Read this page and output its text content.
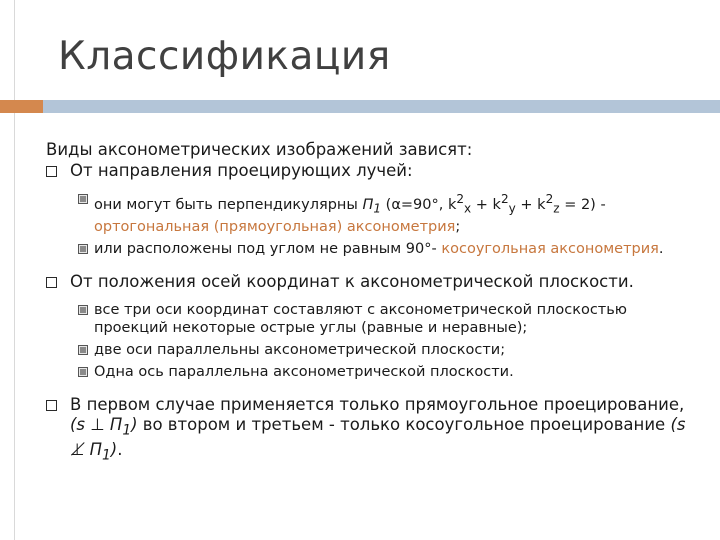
Классификация
Виды аксонометрических изображений зависят:
От направления проецирующих лучей:
они могут быть перпендикулярны $П_1$ (α=90°, $k^2_x + k^2_y + k^2_z = 2$) - ортогональная (прямоугольная) аксонометрия;
или расположены под углом не равным 90°- косоугольная аксонометрия.
От положения осей координат к аксонометрической плоскости.
все три оси координат составляют с аксонометрической плоскостью проекций некоторые острые углы (равные и неравные);
две оси параллельны аксонометрической плоскости;
Одна ось параллельна аксонометрической плоскости.
В первом случае применяется только прямоугольное проецирование, (s ⊥ $П_1$) во втором и третьем - только косоугольное проецирование (s ⊥̸ $П_1$).
